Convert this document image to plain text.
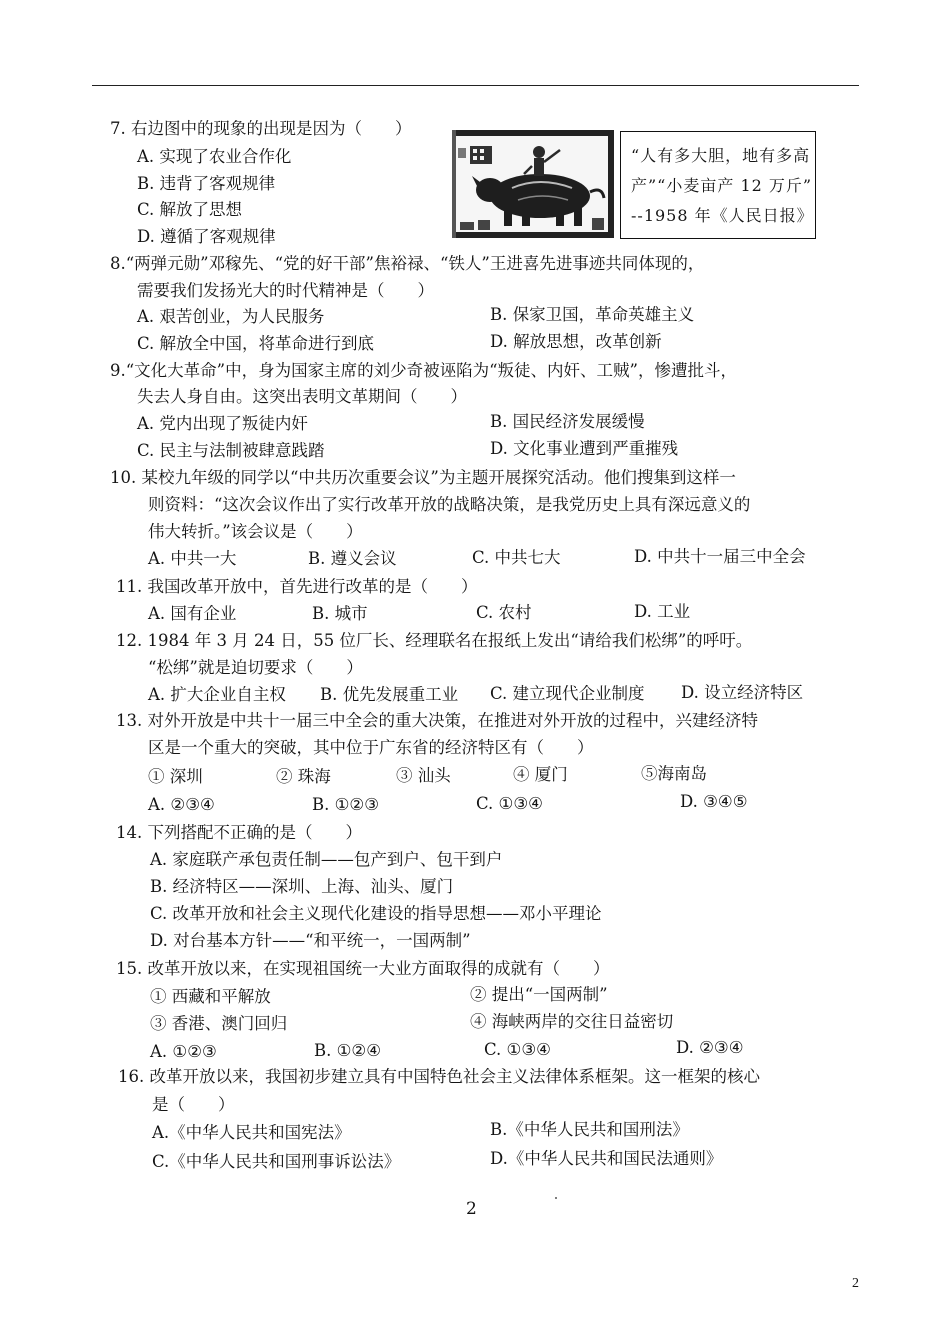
7. 右边图中的现象的出现是因为（　　）
A. 实现了农业合作化
B. 违背了客观规律
C. 解放了思想
D. 遵循了客观规律
8.“两弹元勋”邓稼先、“党的好干部”焦裕禄、“铁人”王进喜先进事迹共同体现的，
需要我们发扬光大的时代精神是（　　）
A. 艰苦创业，为人民服务	B. 保家卫国，革命英雄主义
C. 解放全中国，将革命进行到底	D. 解放思想，改革创新
9.“文化大革命”中，身为国家主席的刘少奇被诬陷为“叛徒、内奸、工贼”，惨遭批斗，
失去人身自由。这突出表明文革期间（　　）
A. 党内出现了叛徒内奸	B. 国民经济发展缓慢
C. 民主与法制被肆意践踏	D. 文化事业遭到严重摧残
10. 某校九年级的同学以“中共历次重要会议”为主题开展探究活动。他们搜集到这样一
则资料：“这次会议作出了实行改革开放的战略决策，是我党历史上具有深远意义的
伟大转折。”该会议是（　　）
A. 中共一大	B. 遵义会议	C. 中共七大	D. 中共十一届三中全会
11. 我国改革开放中，首先进行改革的是（　　）
A. 国有企业	B. 城市	C. 农村	D. 工业
12. 1984 年 3 月 24 日，55 位厂长、经理联名在报纸上发出“请给我们松绑”的呼吁。
“松绑”就是迫切要求（　　）
A. 扩大企业自主权 B. 优先发展重工业 C. 建立现代企业制度 D. 设立经济特区
13. 对外开放是中共十一届三中全会的重大决策，在推进对外开放的过程中，兴建经济特
区是一个重大的突破，其中位于广东省的经济特区有（　　）
① 深圳	② 珠海	③ 汕头	④ 厦门	⑤海南岛
A. ②③④	B. ①②③	C. ①③④	D. ③④⑤
14. 下列搭配不正确的是（　　）
A. 家庭联产承包责任制——包产到户、包干到户
B. 经济特区——深圳、上海、汕头、厦门
C. 改革开放和社会主义现代化建设的指导思想——邓小平理论
D. 对台基本方针——“和平统一，一国两制”
15. 改革开放以来，在实现祖国统一大业方面取得的成就有（　　）
① 西藏和平解放	② 提出“一国两制”
③ 香港、澳门回归	④ 海峡两岸的交往日益密切
A. ①②③	B. ①②④	C. ①③④	D. ②③④
16. 改革开放以来，我国初步建立具有中国特色社会主义法律体系框架。这一框架的核心
是（　　）
A.《中华人民共和国宪法》	B.《中华人民共和国刑法》
C.《中华人民共和国刑事诉讼法》	D.《中华人民共和国民法通则》
“人有多大胆，地有多高
产”“小麦亩产 12 万斤”
--1958 年《人民日报》
2
2
